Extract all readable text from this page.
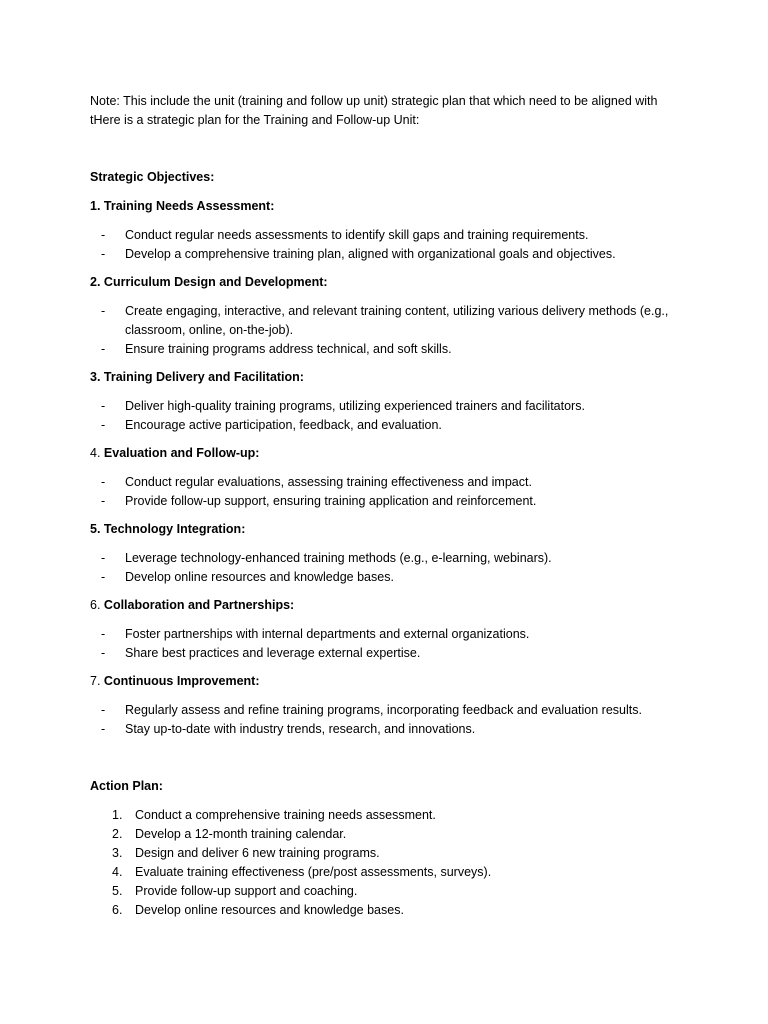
Note: This include the unit (training and follow up unit) strategic plan that which need to be aligned with

tHere is a strategic plan for the Training and Follow-up Unit:

Strategic Objectives:

1. Training Needs Assessment:

- Conduct regular needs assessments to identify skill gaps and training requirements.
- Develop a comprehensive training plan, aligned with organizational goals and objectives.

2. Curriculum Design and Development:

- Create engaging, interactive, and relevant training content, utilizing various delivery methods (e.g., classroom, online, on-the-job).
- Ensure training programs address technical, and soft skills.

3. Training Delivery and Facilitation:

- Deliver high-quality training programs, utilizing experienced trainers and facilitators.
- Encourage active participation, feedback, and evaluation.

4. Evaluation and Follow-up:

- Conduct regular evaluations, assessing training effectiveness and impact.
- Provide follow-up support, ensuring training application and reinforcement.

5. Technology Integration:

- Leverage technology-enhanced training methods (e.g., e-learning, webinars).
- Develop online resources and knowledge bases.

6. Collaboration and Partnerships:

- Foster partnerships with internal departments and external organizations.
- Share best practices and leverage external expertise.

7. Continuous Improvement:

- Regularly assess and refine training programs, incorporating feedback and evaluation results.
- Stay up-to-date with industry trends, research, and innovations.

Action Plan:

1. Conduct a comprehensive training needs assessment.
2. Develop a 12-month training calendar.
3. Design and deliver 6 new training programs.
4. Evaluate training effectiveness (pre/post assessments, surveys).
5. Provide follow-up support and coaching.
6. Develop online resources and knowledge bases.
